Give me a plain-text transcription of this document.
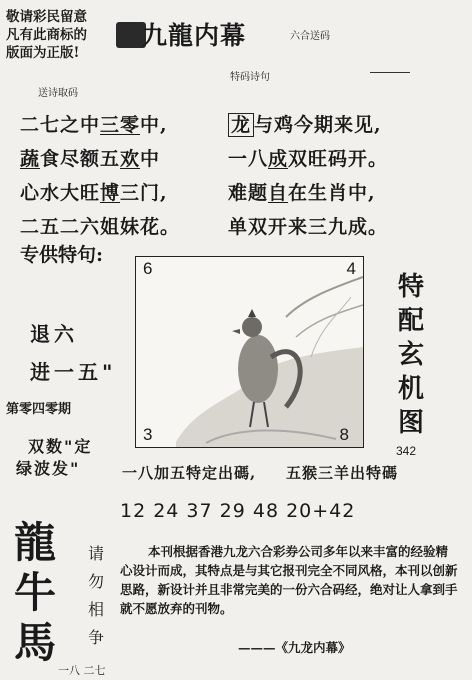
敬请彩民留意
凡有此商标的
版面为正版!
九龍内幕	六合送码
特码诗句
送诗取码
二七之中三零中,
蔬食尽额五欢中
心水大旺博三门,
二五二六姐妹花。
龙 与鸡今期来见,
一八成双旺码开。
难题自在生肖中,
单双开来三九成。
专供特句:
退六
进一五"
第零四零期
双数"定
绿波发"
6	4
3	8
特
配
玄
机
图
342
一八加五特定出碼, 五猴三羊出特碼
12 24 37 29 48 20+42
龍
牛
馬
请
勿
相
争
一八 二七
本刊根据香港九龙六合彩券公司多年以来丰富的经验精心设计而成，其特点是与其它报刊完全不同风格，本刊以创新思路，新设计并且非常完美的一份六合码经，绝对让人拿到手就不愿放弃的刊物。
———《九龙内幕》
